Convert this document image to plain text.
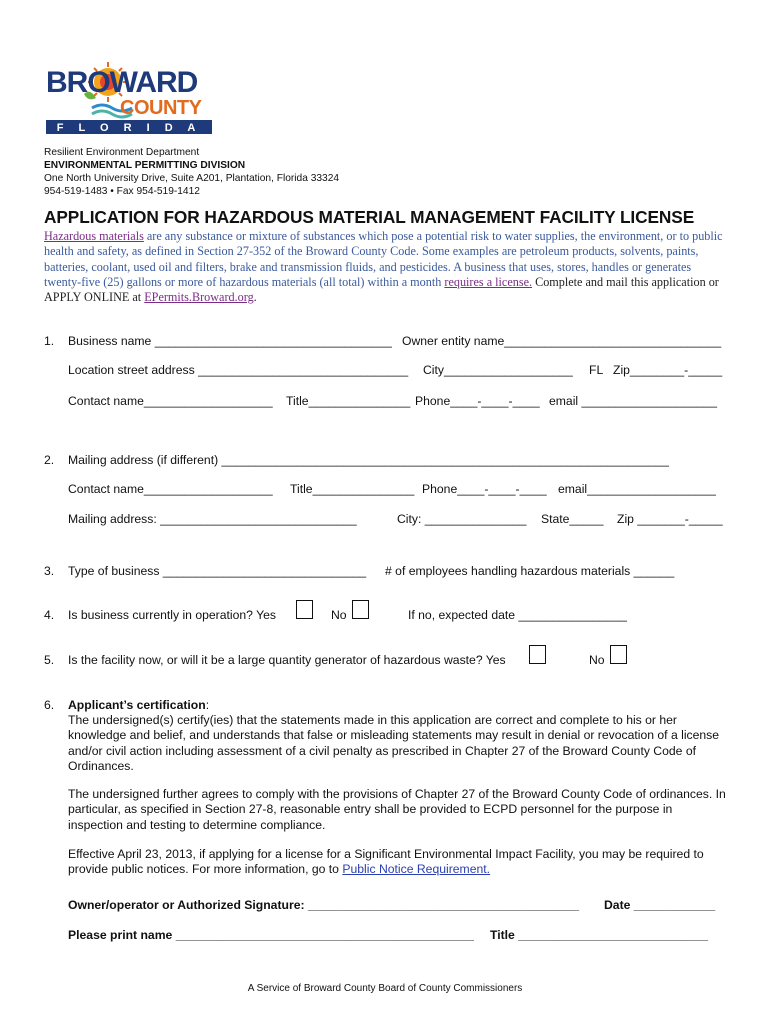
BROWARD
COUNTY
F L O R I D A
Resilient Environment Department
ENVIRONMENTAL PERMITTING DIVISION
One North University Drive, Suite A201, Plantation, Florida 33324
954-519-1483 • Fax 954-519-1412
APPLICATION FOR HAZARDOUS MATERIAL MANAGEMENT FACILITY LICENSE
Hazardous materials are any substance or mixture of substances which pose a potential risk to water supplies, the environment, or to public health and safety, as defined in Section 27-352 of the Broward County Code. Some examples are petroleum products, solvents, paints, batteries, coolant, used oil and filters, brake and transmission fluids, and pesticides. A business that uses, stores, handles or generates twenty-five (25) gallons or more of hazardous materials (all total) within a month requires a license. Complete and mail this application or APPLY ONLINE at EPermits.Broward.org.
1. Business name ___________________________________ Owner entity name________________________________
Location street address _______________________________ City___________________ FL Zip________-_____
Contact name___________________ Title_______________ Phone____-____-____ email ____________________
2. Mailing address (if different) __________________________________________________________________
Contact name___________________ Title_______________ Phone____-____-____ email___________________
Mailing address: _____________________________	City: _______________ State_____ Zip _______-_____
3. Type of business ______________________________ # of employees handling hazardous materials ______
4. Is business currently in operation? Yes	No	If no, expected date ________________
5. Is the facility now, or will it be a large quantity generator of hazardous waste? Yes	No
6. Applicant’s certification:
The undersigned(s) certify(ies) that the statements made in this application are correct and complete to his or her knowledge and belief, and understands that false or misleading statements may result in denial or revocation of a license and/or civil action including assessment of a civil penalty as prescribed in Chapter 27 of the Broward County Code of Ordinances.
The undersigned further agrees to comply with the provisions of Chapter 27 of the Broward County Code of ordinances. In particular, as specified in Section 27-8, reasonable entry shall be provided to ECPD personnel for the purpose in inspection and testing to determine compliance.
Effective April 23, 2013, if applying for a license for a Significant Environmental Impact Facility, you may be required to provide public notices. For more information, go to Public Notice Requirement.
Owner/operator or Authorized Signature: ________________________________________ Date ____________
Please print name ____________________________________________ Title ____________________________
A Service of Broward County Board of County Commissioners
